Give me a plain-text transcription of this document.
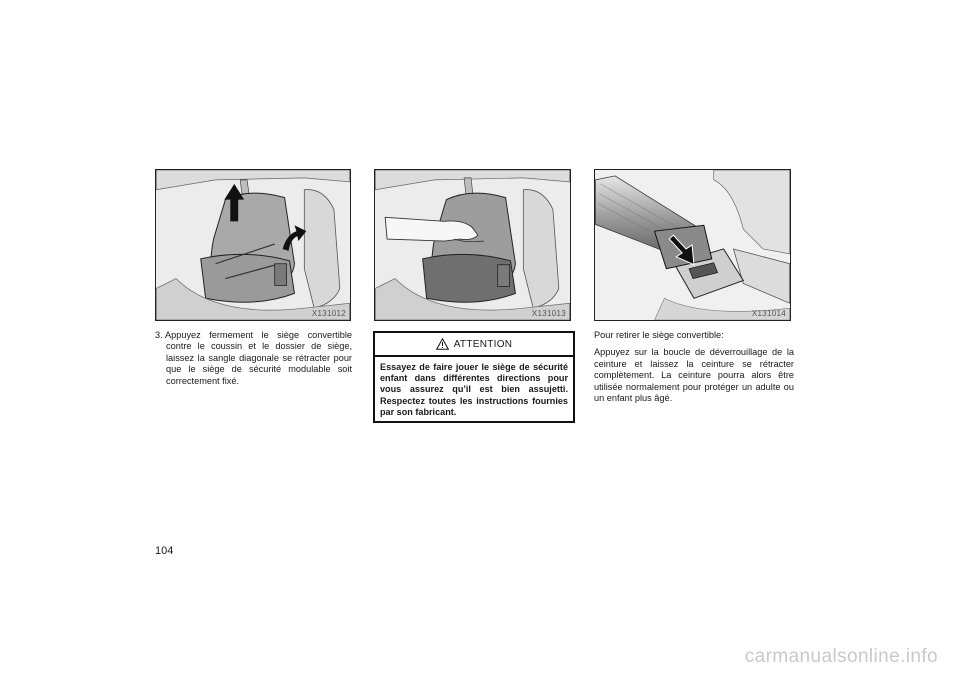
X131012	X131013	X131014
3. Appuyez fermement le siège convertible contre le coussin et le dossier de siège, laissez la sangle diagonale se rétracter pour que le siège de sécurité modulable soit correctement fixé.
ATTENTION
Essayez de faire jouer le siège de sécurité enfant dans différentes directions pour vous assurez qu’il est bien assujetti. Respectez toutes les instructions fournies par son fabricant.

Pour retirer le siège convertible:

Appuyez sur la boucle de déverrouillage de la ceinture et laissez la ceinture se rétracter complètement. La ceinture pourra alors être utilisée normalement pour protéger un adulte ou un enfant plus âgé.

104
carmanualsonline.info
